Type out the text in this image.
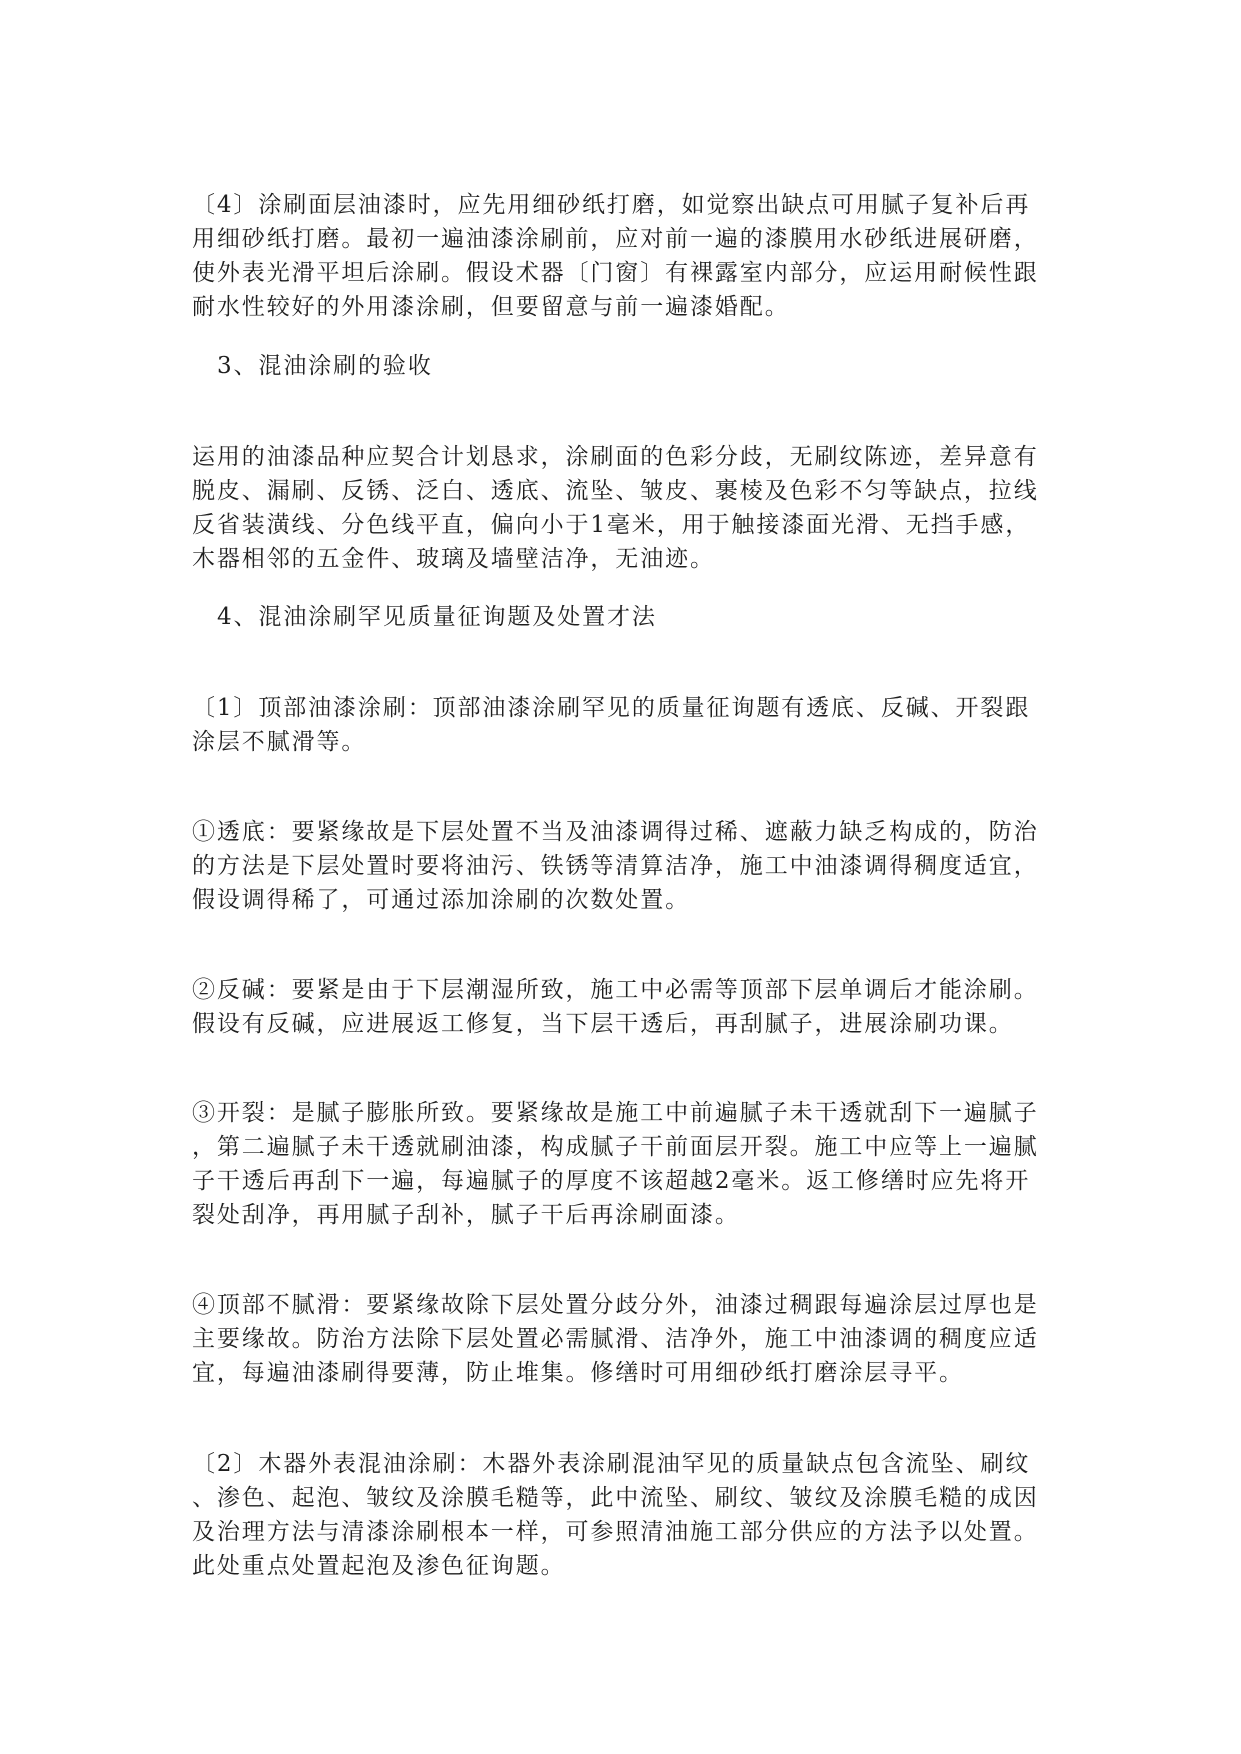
〔4〕涂刷面层油漆时，应先用细砂纸打磨，如觉察出缺点可用腻子复补后再
用细砂纸打磨。最初一遍油漆涂刷前，应对前一遍的漆膜用水砂纸进展研磨，
使外表光滑平坦后涂刷。假设术器〔门窗〕有裸露室内部分，应运用耐候性跟
耐水性较好的外用漆涂刷，但要留意与前一遍漆婚配。
3、混油涂刷的验收
运用的油漆品种应契合计划恳求，涂刷面的色彩分歧，无刷纹陈迹，差异意有
脱皮、漏刷、反锈、泛白、透底、流坠、皱皮、裹棱及色彩不匀等缺点，拉线
反省装潢线、分色线平直，偏向小于1毫米，用于触接漆面光滑、无挡手感，
木器相邻的五金件、玻璃及墙壁洁净，无油迹。
4、混油涂刷罕见质量征询题及处置才法
〔1〕顶部油漆涂刷：顶部油漆涂刷罕见的质量征询题有透底、反碱、开裂跟
涂层不腻滑等。
①透底：要紧缘故是下层处置不当及油漆调得过稀、遮蔽力缺乏构成的，防治
的方法是下层处置时要将油污、铁锈等清算洁净，施工中油漆调得稠度适宜，
假设调得稀了，可通过添加涂刷的次数处置。
②反碱：要紧是由于下层潮湿所致，施工中必需等顶部下层单调后才能涂刷。
假设有反碱，应进展返工修复，当下层干透后，再刮腻子，进展涂刷功课。
③开裂：是腻子膨胀所致。要紧缘故是施工中前遍腻子未干透就刮下一遍腻子
，第二遍腻子未干透就刷油漆，构成腻子干前面层开裂。施工中应等上一遍腻
子干透后再刮下一遍，每遍腻子的厚度不该超越2毫米。返工修缮时应先将开
裂处刮净，再用腻子刮补，腻子干后再涂刷面漆。
④顶部不腻滑：要紧缘故除下层处置分歧分外，油漆过稠跟每遍涂层过厚也是
主要缘故。防治方法除下层处置必需腻滑、洁净外，施工中油漆调的稠度应适
宜，每遍油漆刷得要薄，防止堆集。修缮时可用细砂纸打磨涂层寻平。
〔2〕木器外表混油涂刷：木器外表涂刷混油罕见的质量缺点包含流坠、刷纹
、渗色、起泡、皱纹及涂膜毛糙等，此中流坠、刷纹、皱纹及涂膜毛糙的成因
及治理方法与清漆涂刷根本一样，可参照清油施工部分供应的方法予以处置。
此处重点处置起泡及渗色征询题。
